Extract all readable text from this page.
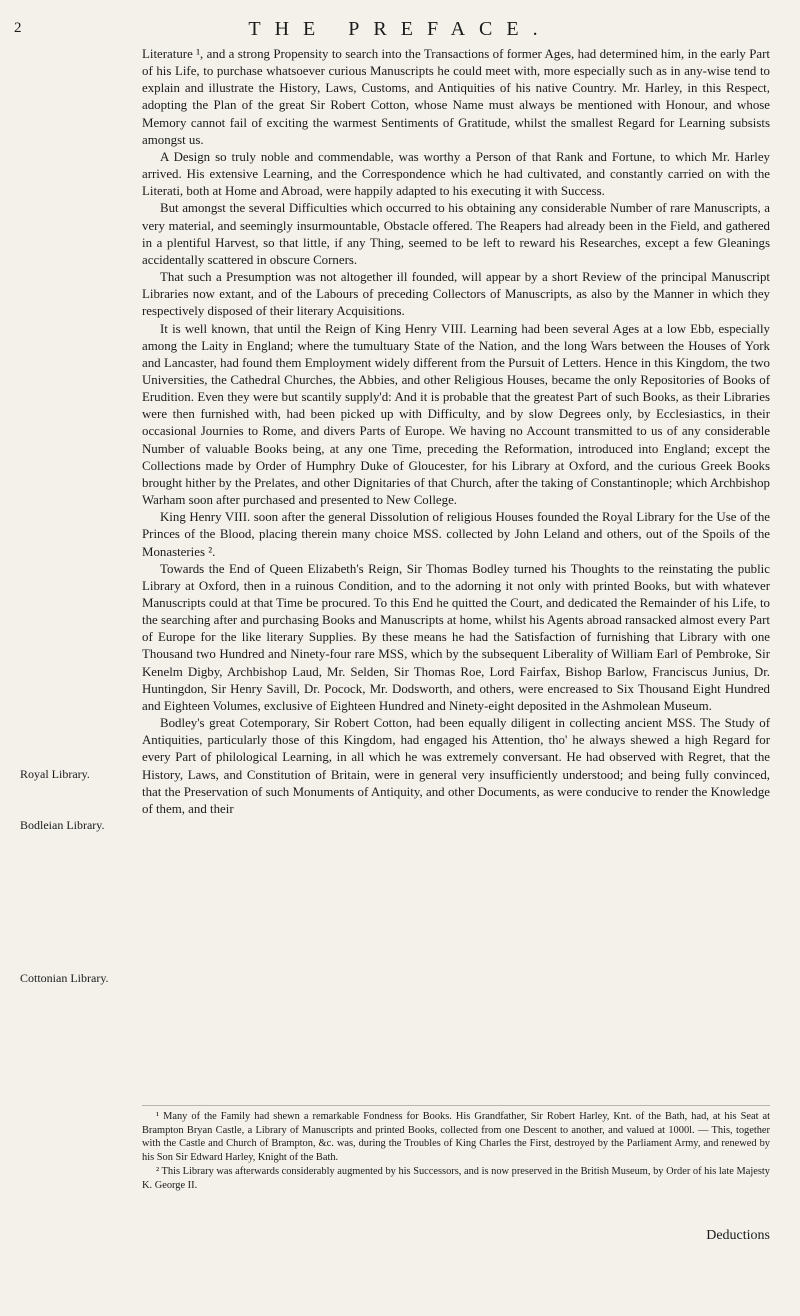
2	THE PREFACE.
Royal Library.
Bodleian Library.
Cottonian Library.

Literature ¹, and a strong Propensity to search into the Transactions of former Ages, had determined him, in the early Part of his Life, to purchase whatsoever curious Manuscripts he could meet with, more especially such as in any-wise tend to explain and illustrate the History, Laws, Customs, and Antiquities of his native Country. Mr. Harley, in this Respect, adopting the Plan of the great Sir Robert Cotton, whose Name must always be mentioned with Honour, and whose Memory cannot fail of exciting the warmest Sentiments of Gratitude, whilst the smallest Regard for Learning subsists amongst us.

A Design so truly noble and commendable, was worthy a Person of that Rank and Fortune, to which Mr. Harley arrived. His extensive Learning, and the Correspondence which he had cultivated, and constantly carried on with the Literati, both at Home and Abroad, were happily adapted to his executing it with Success.

But amongst the several Difficulties which occurred to his obtaining any considerable Number of rare Manuscripts, a very material, and seemingly insurmountable, Obstacle offered. The Reapers had already been in the Field, and gathered in a plentiful Harvest, so that little, if any Thing, seemed to be left to reward his Researches, except a few Gleanings accidentally scattered in obscure Corners.

That such a Presumption was not altogether ill founded, will appear by a short Review of the principal Manuscript Libraries now extant, and of the Labours of preceding Collectors of Manuscripts, as also by the Manner in which they respectively disposed of their literary Acquisitions.

It is well known, that until the Reign of King Henry VIII. Learning had been several Ages at a low Ebb, especially among the Laity in England; where the tumultuary State of the Nation, and the long Wars between the Houses of York and Lancaster, had found them Employment widely different from the Pursuit of Letters. Hence in this Kingdom, the two Universities, the Cathedral Churches, the Abbies, and other Religious Houses, became the only Repositories of Books of Erudition. Even they were but scantily supply'd: And it is probable that the greatest Part of such Books, as their Libraries were then furnished with, had been picked up with Difficulty, and by slow Degrees only, by Ecclesiastics, in their occasional Journies to Rome, and divers Parts of Europe. We having no Account transmitted to us of any considerable Number of valuable Books being, at any one Time, preceding the Reformation, introduced into England; except the Collections made by Order of Humphry Duke of Gloucester, for his Library at Oxford, and the curious Greek Books brought hither by the Prelates, and other Dignitaries of that Church, after the taking of Constantinople; which Archbishop Warham soon after purchased and presented to New College.

King Henry VIII. soon after the general Dissolution of religious Houses founded the Royal Library for the Use of the Princes of the Blood, placing therein many choice MSS. collected by John Leland and others, out of the Spoils of the Monasteries ².

Towards the End of Queen Elizabeth's Reign, Sir Thomas Bodley turned his Thoughts to the reinstating the public Library at Oxford, then in a ruinous Condition, and to the adorning it not only with printed Books, but with whatever Manuscripts could at that Time be procured. To this End he quitted the Court, and dedicated the Remainder of his Life, to the searching after and purchasing Books and Manuscripts at home, whilst his Agents abroad ransacked almost every Part of Europe for the like literary Supplies. By these means he had the Satisfaction of furnishing that Library with one Thousand two Hundred and Ninety-four rare MSS, which by the subsequent Liberality of William Earl of Pembroke, Sir Kenelm Digby, Archbishop Laud, Mr. Selden, Sir Thomas Roe, Lord Fairfax, Bishop Barlow, Franciscus Junius, Dr. Huntingdon, Sir Henry Savill, Dr. Pocock, Mr. Dodsworth, and others, were encreased to Six Thousand Eight Hundred and Eighteen Volumes, exclusive of Eighteen Hundred and Ninety-eight deposited in the Ashmolean Museum.

Bodley's great Cotemporary, Sir Robert Cotton, had been equally diligent in collecting ancient MSS. The Study of Antiquities, particularly those of this Kingdom, had engaged his Attention, tho' he always shewed a high Regard for every Part of philological Learning, in all which he was extremely conversant. He had observed with Regret, that the History, Laws, and Constitution of Britain, were in general very insufficiently understood; and being fully convinced, that the Preservation of such Monuments of Antiquity, and other Documents, as were conducive to render the Knowledge of them, and their

¹ Many of the Family had shewn a remarkable Fondness for Books. His Grandfather, Sir Robert Harley, Knt. of the Bath, had, at his Seat at Brampton Bryan Castle, a Library of Manuscripts and printed Books, collected from one Descent to another, and valued at 1000l. — This, together with the Castle and Church of Brampton, &c. was, during the Troubles of King Charles the First, destroyed by the Parliament Army, and renewed by his Son Sir Edward Harley, Knight of the Bath.

² This Library was afterwards considerably augmented by his Successors, and is now preserved in the British Museum, by Order of his late Majesty K. George II.

Deductions
